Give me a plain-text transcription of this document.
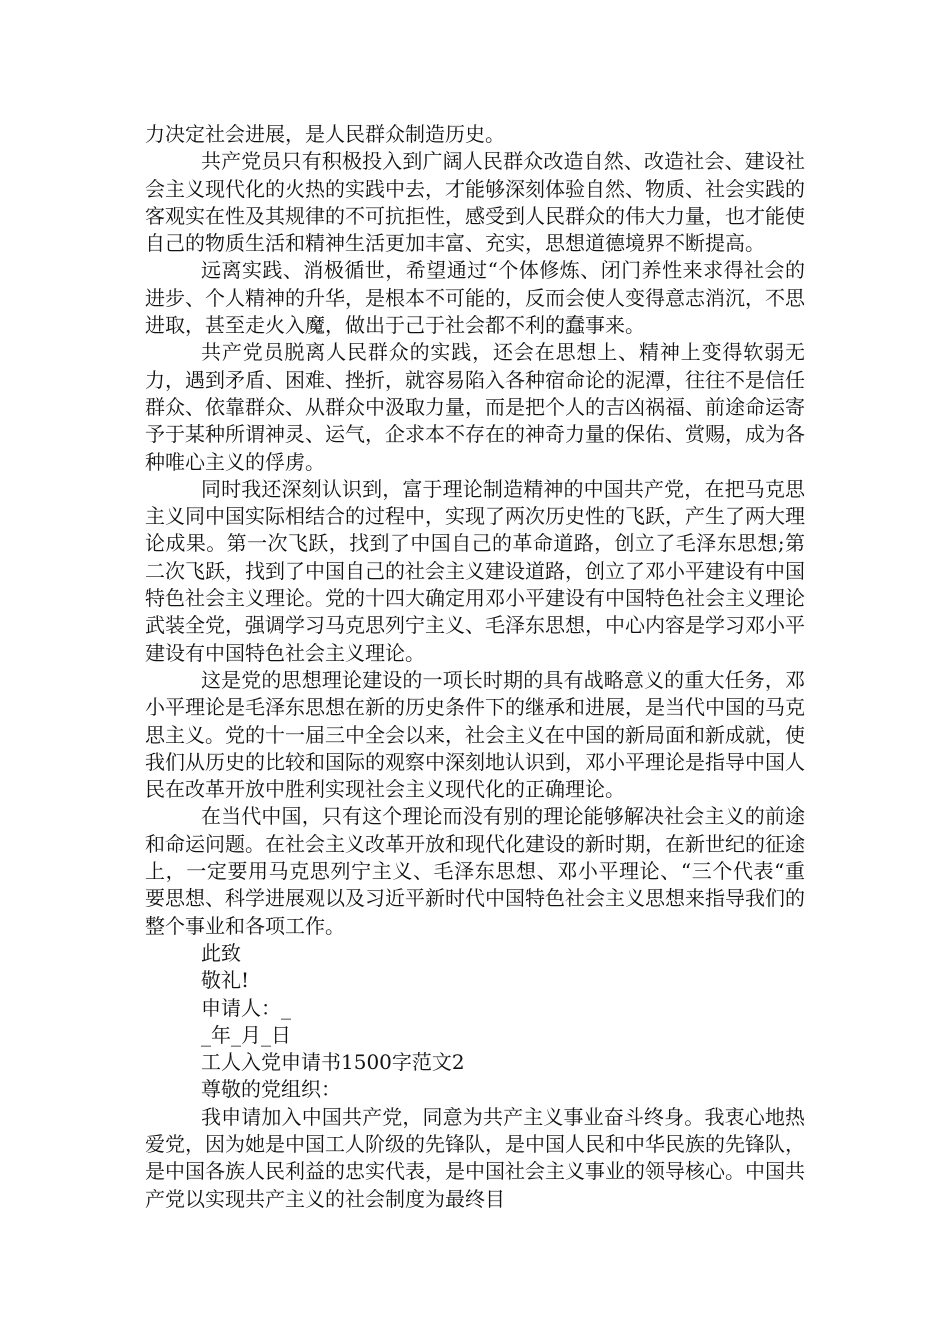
力决定社会进展，是人民群众制造历史。

共产党员只有积极投入到广阔人民群众改造自然、改造社会、建设社会主义现代化的火热的实践中去，才能够深刻体验自然、物质、社会实践的客观实在性及其规律的不可抗拒性，感受到人民群众的伟大力量，也才能使自己的物质生活和精神生活更加丰富、充实，思想道德境界不断提高。

远离实践、消极循世，希望通过“个体修炼、闭门养性来求得社会的进步、个人精神的升华，是根本不可能的，反而会使人变得意志消沉，不思进取，甚至走火入魔，做出于己于社会都不利的蠢事来。

共产党员脱离人民群众的实践，还会在思想上、精神上变得软弱无力，遇到矛盾、困难、挫折，就容易陷入各种宿命论的泥潭，往往不是信任群众、依靠群众、从群众中汲取力量，而是把个人的吉凶祸福、前途命运寄予于某种所谓神灵、运气，企求本不存在的神奇力量的保佑、赏赐，成为各种唯心主义的俘虏。

同时我还深刻认识到，富于理论制造精神的中国共产党，在把马克思主义同中国实际相结合的过程中，实现了两次历史性的飞跃，产生了两大理论成果。第一次飞跃，找到了中国自己的革命道路，创立了毛泽东思想;第二次飞跃，找到了中国自己的社会主义建设道路，创立了邓小平建设有中国特色社会主义理论。党的十四大确定用邓小平建设有中国特色社会主义理论武装全党，强调学习马克思列宁主义、毛泽东思想，中心内容是学习邓小平建设有中国特色社会主义理论。

这是党的思想理论建设的一项长时期的具有战略意义的重大任务，邓小平理论是毛泽东思想在新的历史条件下的继承和进展，是当代中国的马克思主义。党的十一届三中全会以来，社会主义在中国的新局面和新成就，使我们从历史的比较和国际的观察中深刻地认识到，邓小平理论是指导中国人民在改革开放中胜利实现社会主义现代化的正确理论。

在当代中国，只有这个理论而没有别的理论能够解决社会主义的前途和命运问题。在社会主义改革开放和现代化建设的新时期，在新世纪的征途上，一定要用马克思列宁主义、毛泽东思想、邓小平理论、“三个代表“重要思想、科学进展观以及习近平新时代中国特色社会主义思想来指导我们的整个事业和各项工作。

此致

敬礼!

申请人：_

_年_月_日

工人入党申请书1500字范文2

尊敬的党组织：

我申请加入中国共产党，同意为共产主义事业奋斗终身。我衷心地热爱党，因为她是中国工人阶级的先锋队，是中国人民和中华民族的先锋队，是中国各族人民利益的忠实代表，是中国社会主义事业的领导核心。中国共产党以实现共产主义的社会制度为最终目
